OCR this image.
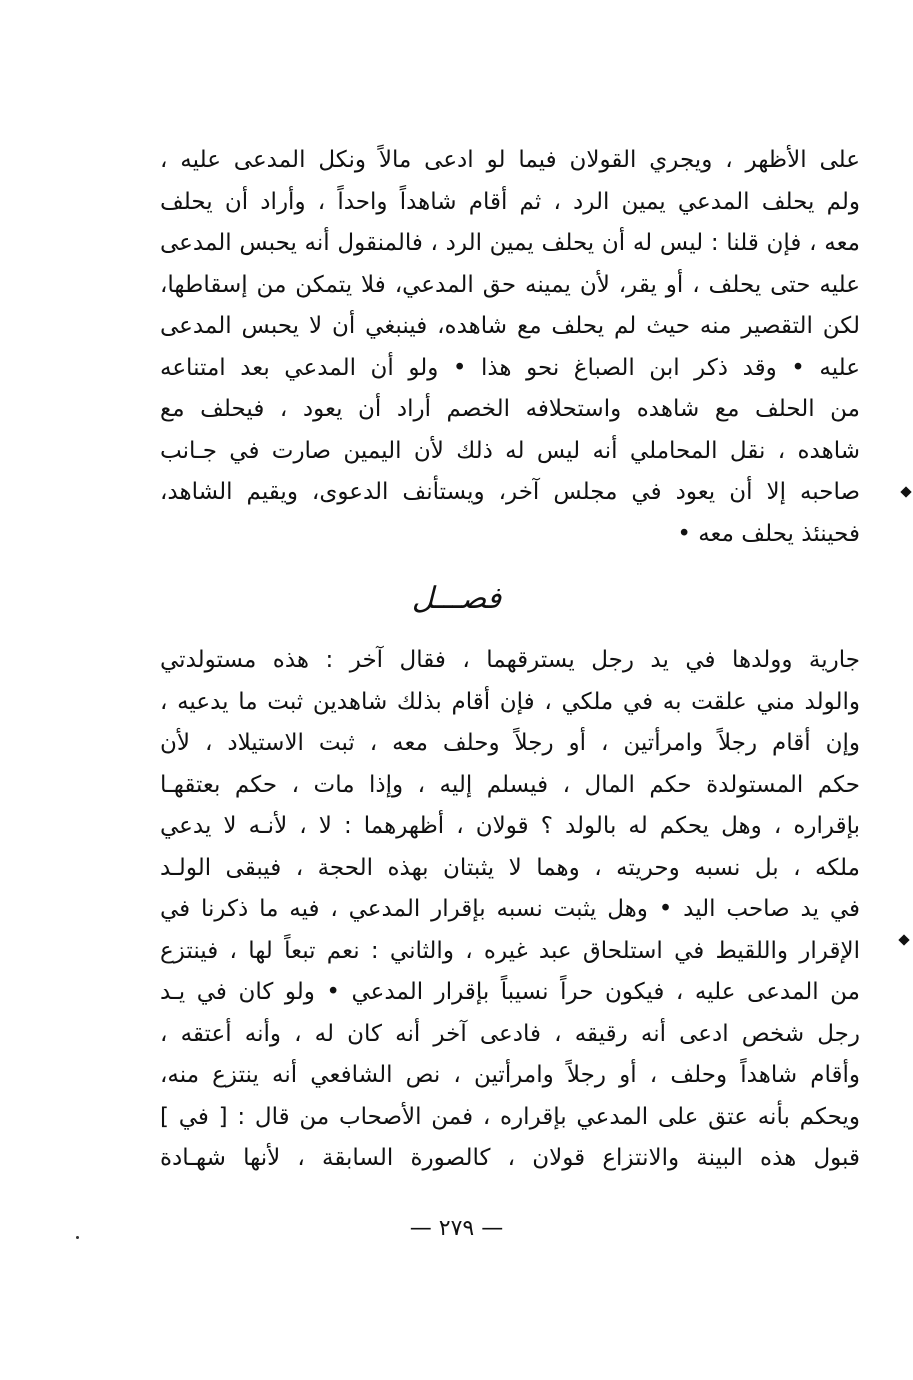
على الأظهر ، ويجري القولان فيما لو ادعى مالاً ونكل المدعى عليه ،
ولم يحلف المدعي يمين الرد ، ثم أقام شاهداً واحداً ، وأراد أن يحلف
معه ، فإن قلنا : ليس له أن يحلف يمين الرد ، فالمنقول أنه يحبس المدعى
عليه حتى يحلف ، أو يقر، لأن يمينه حق المدعي، فلا يتمكن من إسقاطها،
لكن التقصير منه حيث لم يحلف مع شاهده، فينبغي أن لا يحبس المدعى
عليه • وقد ذكر ابن الصباغ نحو هذا • ولو أن المدعي بعد امتناعه
من الحلف مع شاهده واستحلافه الخصم أراد أن يعود ، فيحلف مع
شاهده ، نقل المحاملي أنه ليس له ذلك لأن اليمين صارت في جـانب
صاحبه إلا أن يعود في مجلس آخر، ويستأنف الدعوى، ويقيم الشاهد،
فحينئذ يحلف معه •
فصـــل
جارية وولدها في يد رجل يسترقهما ، فقال آخر : هذه مستولدتي
والولد مني علقت به في ملكي ، فإن أقام بذلك شاهدين ثبت ما يدعيه ،
وإن أقام رجلاً وامرأتين ، أو رجلاً وحلف معه ، ثبت الاستيلاد ، لأن
حكم المستولدة حكم المال ، فيسلم إليه ، وإذا مات ، حكم بعتقهـا
بإقراره ، وهل يحكم له بالولد ؟ قولان ، أظهرهما : لا ، لأنـه لا يدعي
ملكه ، بل نسبه وحريته ، وهما لا يثبتان بهذه الحجة ، فيبقى الولـد
في يد صاحب اليد • وهل يثبت نسبه بإقرار المدعي ، فيه ما ذكرنا في
الإقرار واللقيط في استلحاق عبد غيره ، والثاني : نعم تبعاً لها ، فينتزع
من المدعى عليه ، فيكون حراً نسيباً بإقرار المدعي • ولو كان في يـد
رجل شخص ادعى أنه رقيقه ، فادعى آخر أنه كان له ، وأنه أعتقه ،
وأقام شاهداً وحلف ، أو رجلاً وامرأتين ، نص الشافعي أنه ينتزع منه،
ويحكم بأنه عتق على المدعي بإقراره ، فمن الأصحاب من قال : [ في ]
قبول هذه البينة والانتزاع قولان ، كالصورة السابقة ، لأنها شهـادة
— ٢٧٩ —
